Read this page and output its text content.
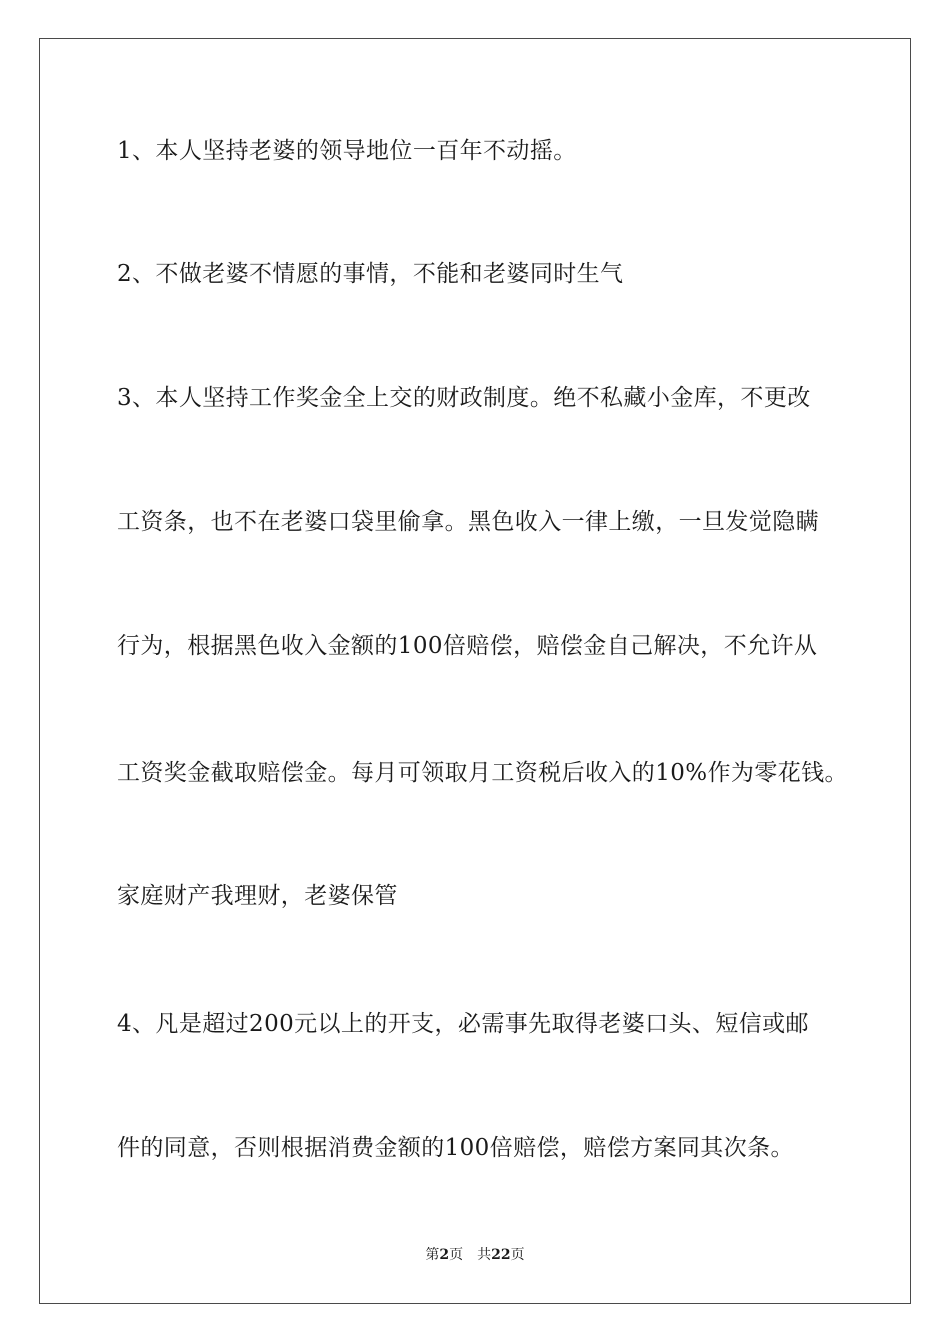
1、本人坚持老婆的领导地位一百年不动摇。
2、不做老婆不情愿的事情，不能和老婆同时生气
3、本人坚持工作奖金全上交的财政制度。绝不私藏小金库，不更改
工资条，也不在老婆口袋里偷拿。黑色收入一律上缴，一旦发觉隐瞒
行为，根据黑色收入金额的100倍赔偿，赔偿金自己解决，不允许从
工资奖金截取赔偿金。每月可领取月工资税后收入的10%作为零花钱。
家庭财产我理财，老婆保管
4、凡是超过200元以上的开支，必需事先取得老婆口头、短信或邮
件的同意，否则根据消费金额的100倍赔偿，赔偿方案同其次条。
第2页 共22页
